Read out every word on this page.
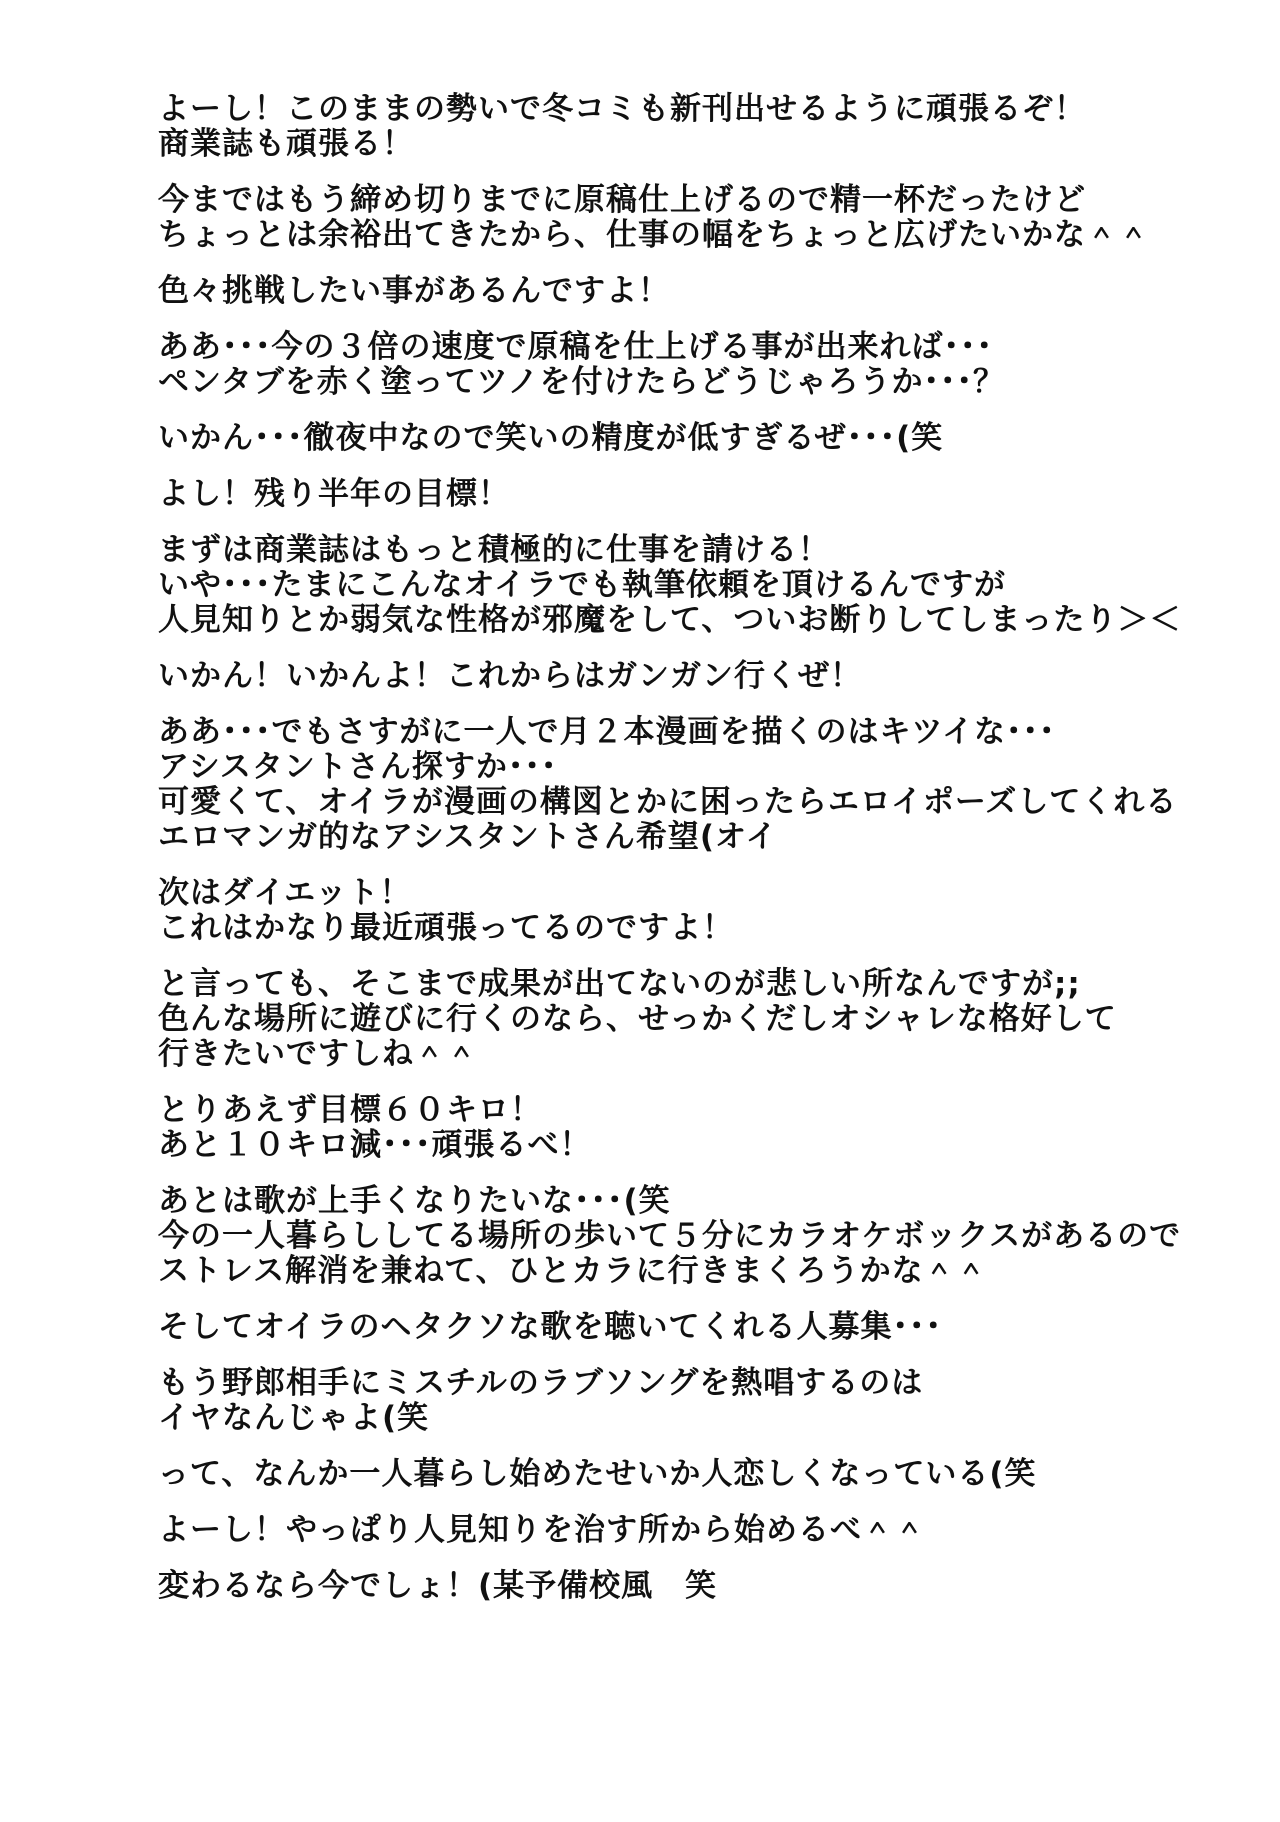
よーし！このままの勢いで冬コミも新刊出せるように頑張るぞ！
商業誌も頑張る！
今まではもう締め切りまでに原稿仕上げるので精一杯だったけど
ちょっとは余裕出てきたから、仕事の幅をちょっと広げたいかな＾＾
色々挑戦したい事があるんですよ！
ああ･･･今の３倍の速度で原稿を仕上げる事が出来れば･･･
ペンタブを赤く塗ってツノを付けたらどうじゃろうか･･･？
いかん･･･徹夜中なので笑いの精度が低すぎるぜ･･･(笑
よし！残り半年の目標！
まずは商業誌はもっと積極的に仕事を請ける！
いや･･･たまにこんなオイラでも執筆依頼を頂けるんですが
人見知りとか弱気な性格が邪魔をして、ついお断りしてしまったり＞＜
いかん！いかんよ！これからはガンガン行くぜ！
ああ･･･でもさすがに一人で月２本漫画を描くのはキツイな･･･
アシスタントさん探すか･･･
可愛くて、オイラが漫画の構図とかに困ったらエロイポーズしてくれる
エロマンガ的なアシスタントさん希望(オイ
次はダイエット！
これはかなり最近頑張ってるのですよ！
と言っても、そこまで成果が出てないのが悲しい所なんですが;;
色んな場所に遊びに行くのなら、せっかくだしオシャレな格好して
行きたいですしね＾＾
とりあえず目標６０キロ！
あと１０キロ減･･･頑張るべ！
あとは歌が上手くなりたいな･･･(笑
今の一人暮らししてる場所の歩いて５分にカラオケボックスがあるので
ストレス解消を兼ねて、ひとカラに行きまくろうかな＾＾
そしてオイラのヘタクソな歌を聴いてくれる人募集･･･
もう野郎相手にミスチルのラブソングを熱唱するのは
イヤなんじゃよ(笑
って、なんか一人暮らし始めたせいか人恋しくなっている(笑
よーし！やっぱり人見知りを治す所から始めるべ＾＾
変わるなら今でしょ！(某予備校風　笑
